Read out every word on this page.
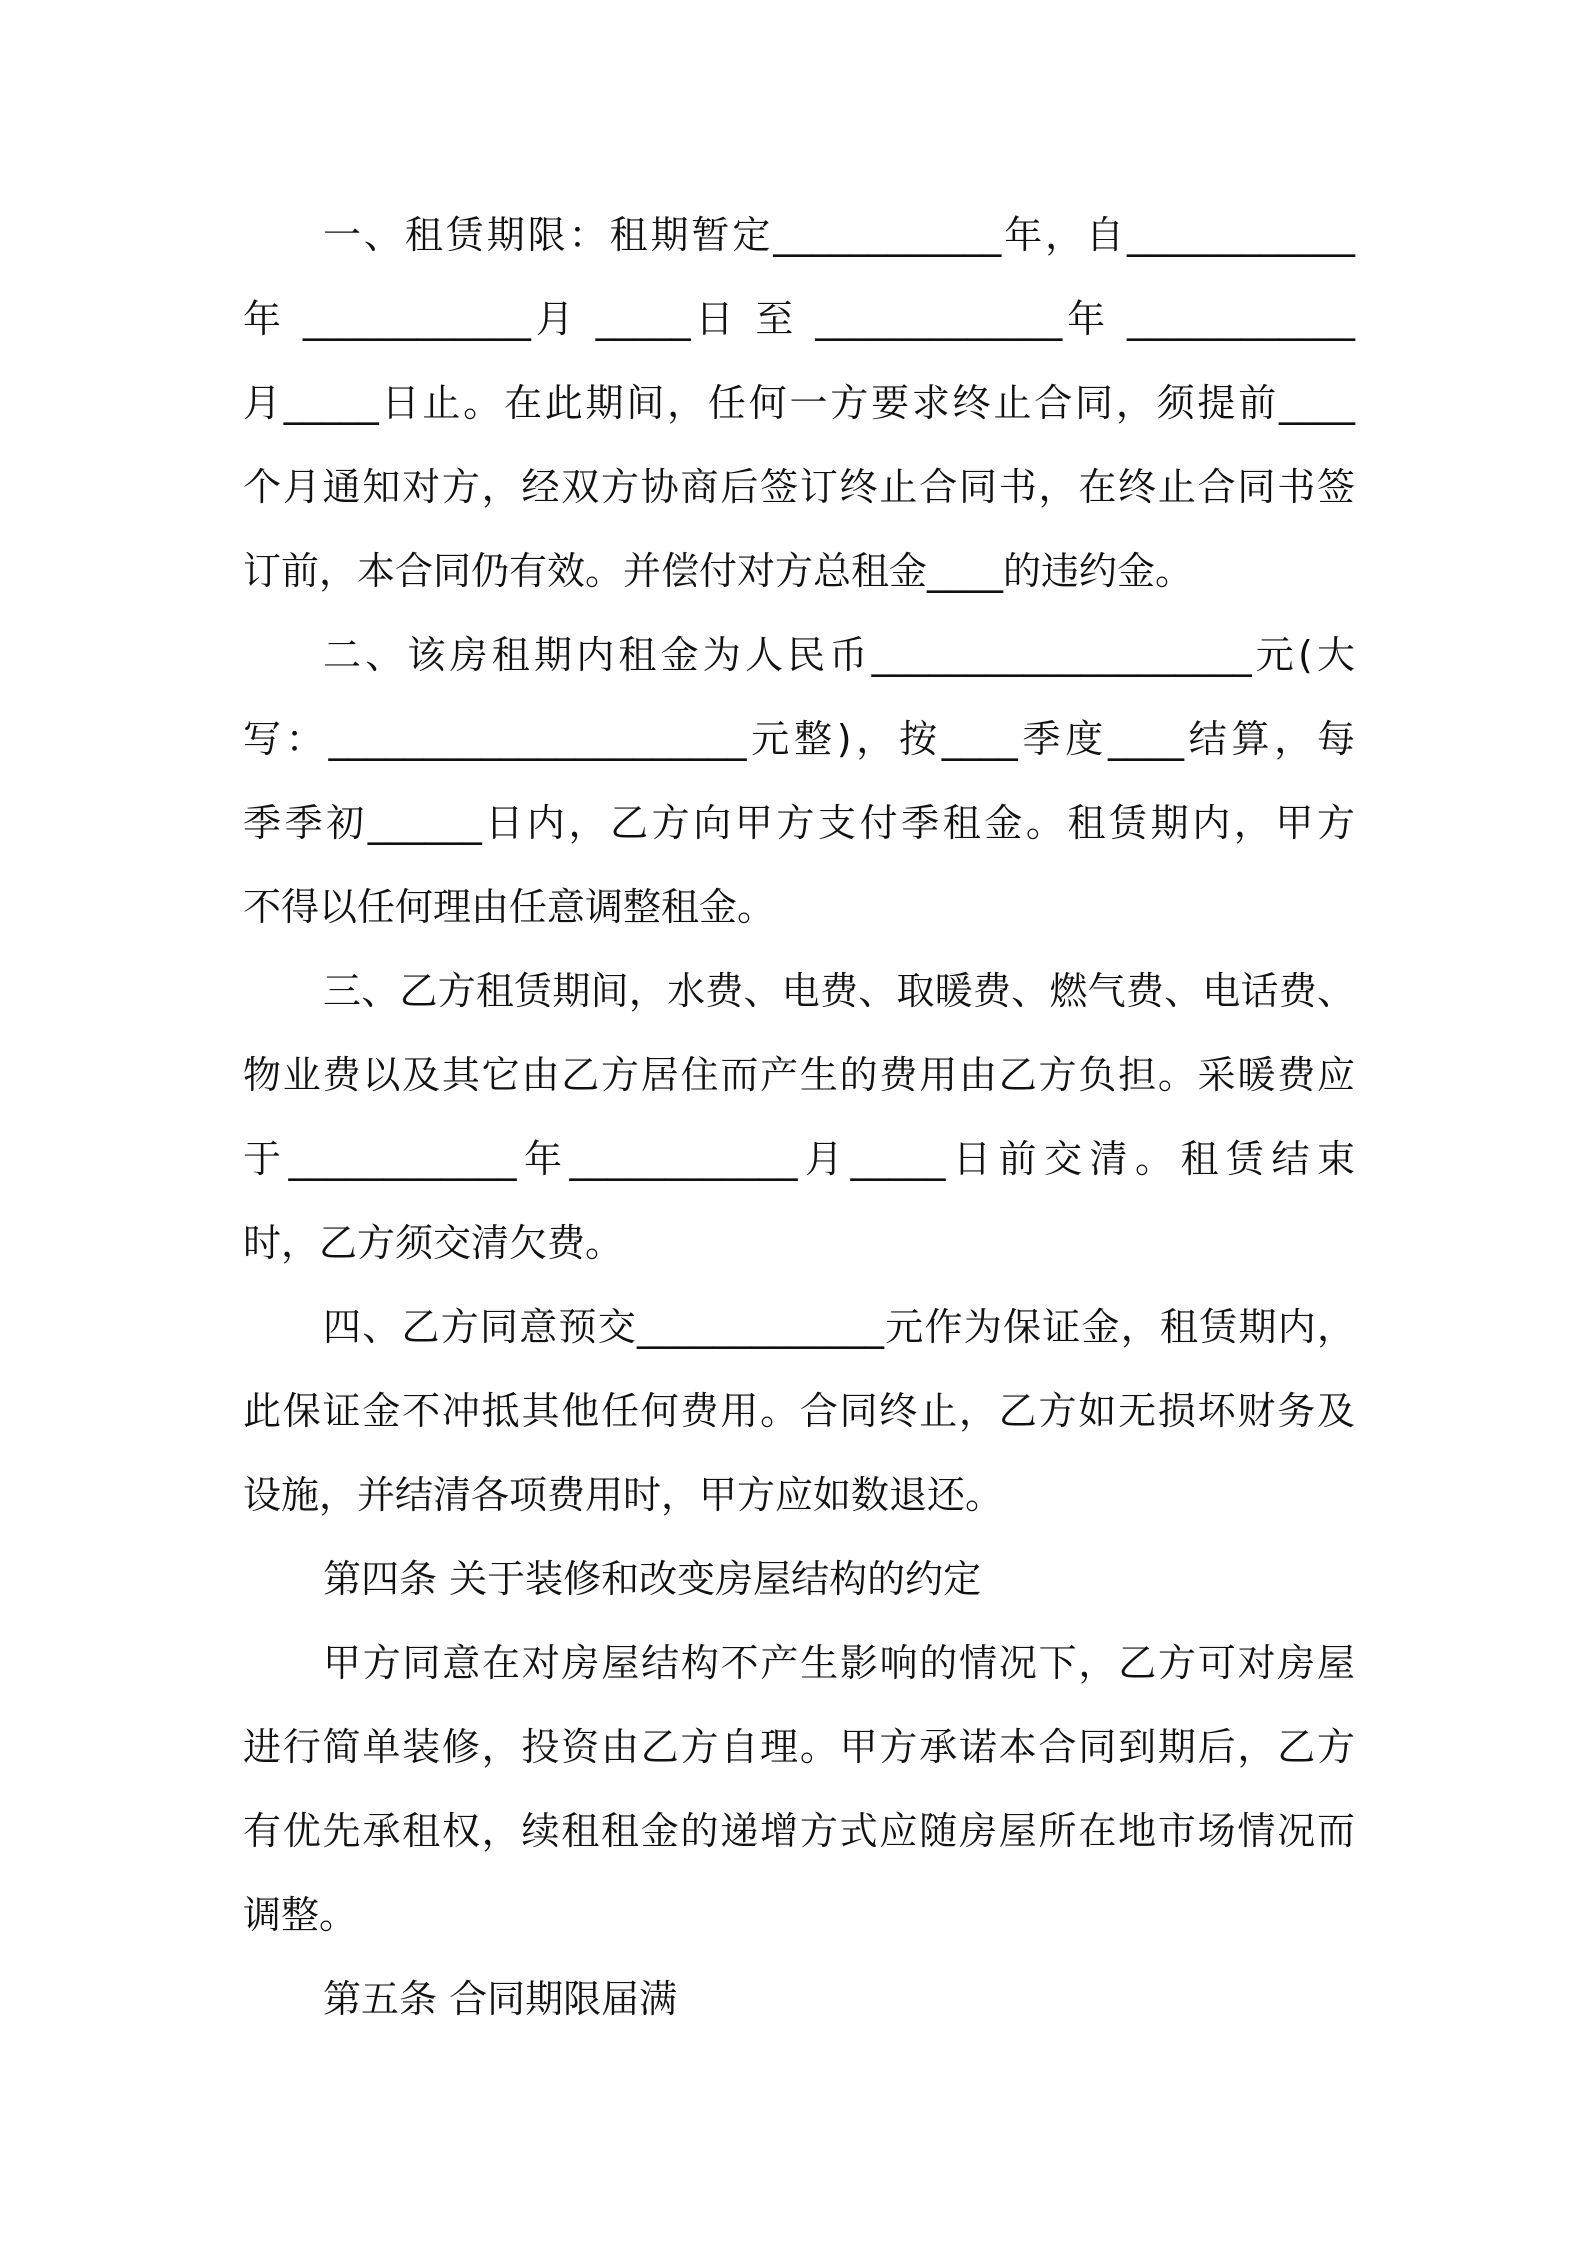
一、租赁期限：租期暂定____________年，自____________
年 ____________月 _____日 至 _____________年 ____________
月_____日止。在此期间，任何一方要求终止合同，须提前____
个月通知对方，经双方协商后签订终止合同书，在终止合同书签
订前，本合同仍有效。并偿付对方总租金____的违约金。
二、该房租期内租金为人民币____________________元(大
写：______________________元整)，按____季度____结算，每
季季初______日内，乙方向甲方支付季租金。租赁期内，甲方
不得以任何理由任意调整租金。
三、乙方租赁期间，水费、电费、取暖费、燃气费、电话费、
物业费以及其它由乙方居住而产生的费用由乙方负担。采暖费应
于____________年____________月_____日前交清。租赁结束
时，乙方须交清欠费。
四、乙方同意预交_____________元作为保证金，租赁期内，
此保证金不冲抵其他任何费用。合同终止，乙方如无损坏财务及
设施，并结清各项费用时，甲方应如数退还。
第四条 关于装修和改变房屋结构的约定
甲方同意在对房屋结构不产生影响的情况下，乙方可对房屋
进行简单装修，投资由乙方自理。甲方承诺本合同到期后，乙方
有优先承租权，续租租金的递增方式应随房屋所在地市场情况而
调整。
第五条 合同期限届满
